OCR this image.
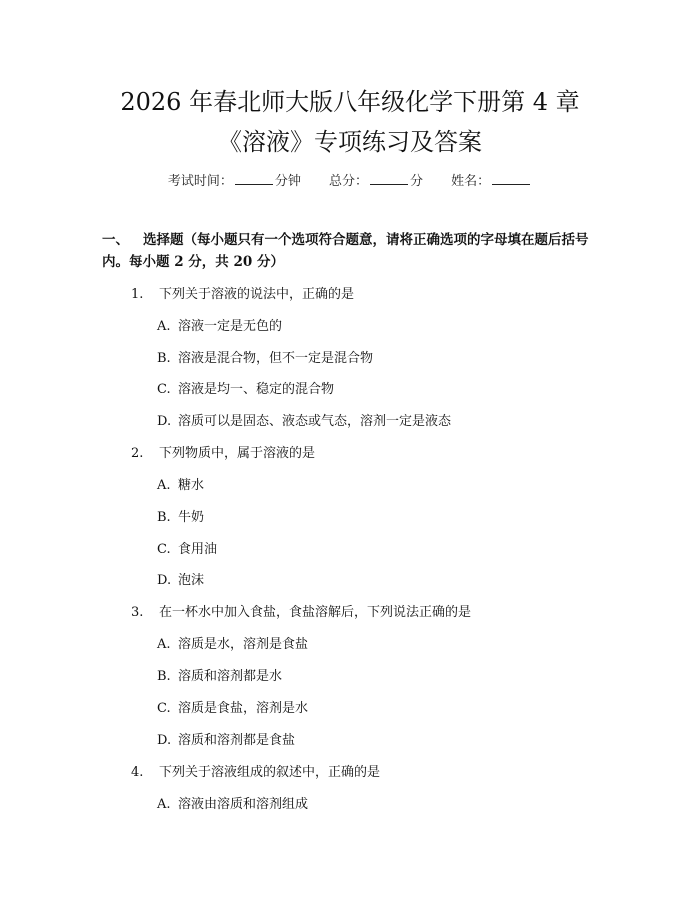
2026 年春北师大版八年级化学下册第 4 章
《溶液》专项练习及答案
考试时间：	分钟 总分：	分 姓名：
一、 选择题（每小题只有一个选项符合题意，请将正确选项的字母填在题后括号
内。每小题 2 分，共 20 分）
1. 下列关于溶液的说法中，正确的是
A. 溶液一定是无色的
B. 溶液是混合物，但不一定是混合物
C. 溶液是均一、稳定的混合物
D. 溶质可以是固态、液态或气态，溶剂一定是液态
2. 下列物质中，属于溶液的是
A. 糖水
B. 牛奶
C. 食用油
D. 泡沫
3. 在一杯水中加入食盐，食盐溶解后，下列说法正确的是
A. 溶质是水，溶剂是食盐
B. 溶质和溶剂都是水
C. 溶质是食盐，溶剂是水
D. 溶质和溶剂都是食盐
4. 下列关于溶液组成的叙述中，正确的是
A. 溶液由溶质和溶剂组成
